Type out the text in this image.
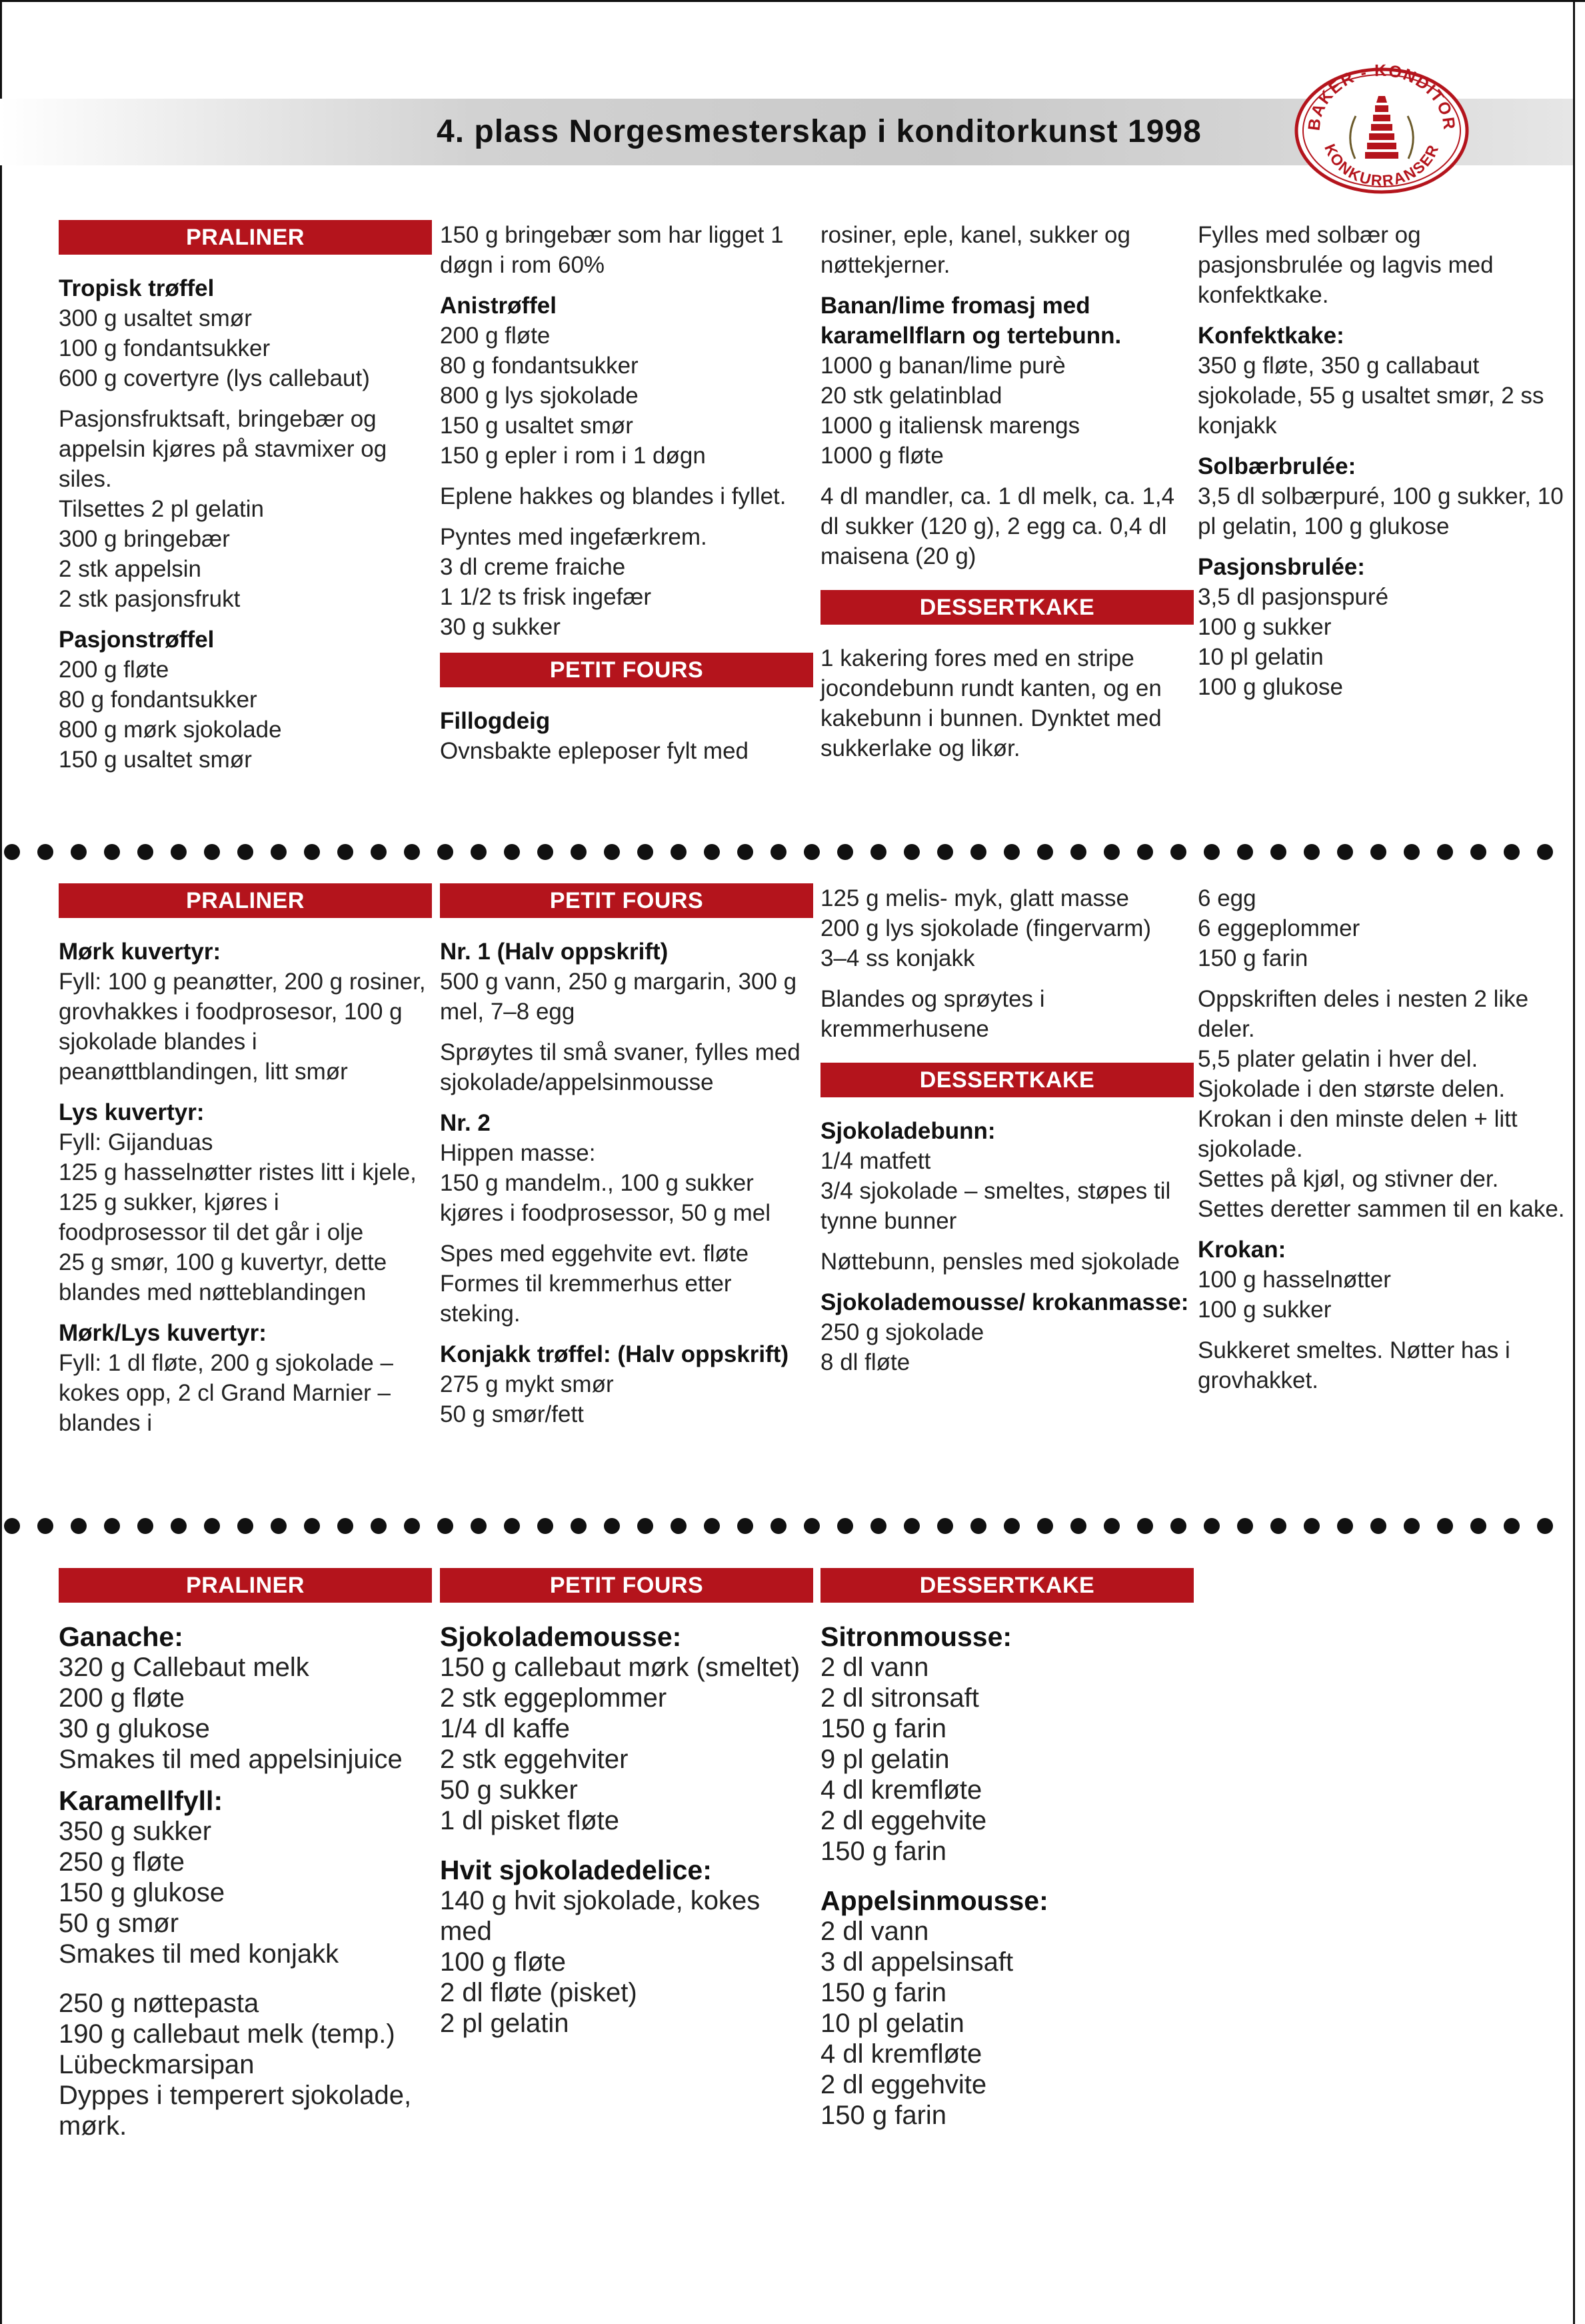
4. plass Norgesmesterskap i konditorkunst 1998	BAKER - KONDITOR
KONKURRANSER
PRALINER
Tropisk trøffel
300 g usaltet smør
100 g fondantsukker
600 g covertyre (lys callebaut)
Pasjonsfruktsaft, bringebær og appelsin kjøres på stavmixer og siles.
Tilsettes 2 pl gelatin
300 g bringebær
2 stk appelsin
2 stk pasjonsfrukt
Pasjonstrøffel
200 g fløte
80 g fondantsukker
800 g mørk sjokolade
150 g usaltet smør
150 g bringebær som har ligget 1 døgn i rom 60%
Anistrøffel
200 g fløte
80 g fondantsukker
800 g lys sjokolade
150 g usaltet smør
150 g epler i rom i 1 døgn
Eplene hakkes og blandes i fyllet.
Pyntes med ingefærkrem.
3 dl creme fraiche
1 1/2 ts frisk ingefær
30 g sukker
PETIT FOURS
Fillogdeig
Ovnsbakte epleposer fylt med
rosiner, eple, kanel, sukker og nøttekjerner.
Banan/lime fromasj med karamellflarn og tertebunn.
1000 g banan/lime purè
20 stk gelatinblad
1000 g italiensk marengs
1000 g fløte
4 dl mandler, ca. 1 dl melk, ca. 1,4 dl sukker (120 g), 2 egg ca. 0,4 dl maisena (20 g)
DESSERTKAKE
1 kakering fores med en stripe jocondebunn rundt kanten, og en kakebunn i bunnen. Dynktet med sukkerlake og likør.
Fylles med solbær og pasjonsbrulée og lagvis med konfektkake.
Konfektkake:
350 g fløte, 350 g callabaut sjokolade, 55 g usaltet smør, 2 ss konjakk
Solbærbrulée:
3,5 dl solbærpuré, 100 g sukker, 10 pl gelatin, 100 g glukose
Pasjonsbrulée:
3,5 dl pasjonspuré
100 g sukker
10 pl gelatin
100 g glukose
PRALINER
Mørk kuvertyr:
Fyll: 100 g peanøtter, 200 g rosiner, grovhakkes i foodprosesor, 100 g sjokolade blandes i peanøttblandingen, litt smør
Lys kuvertyr:
Fyll: Gijanduas
125 g hasselnøtter ristes litt i kjele, 125 g sukker, kjøres i foodprosessor til det går i olje
25 g smør, 100 g kuvertyr, dette blandes med nøtteblandingen
Mørk/Lys kuvertyr:
Fyll: 1 dl fløte, 200 g sjokolade – kokes opp, 2 cl Grand Marnier – blandes i
PETIT FOURS
Nr. 1 (Halv oppskrift)
500 g vann, 250 g margarin, 300 g mel, 7–8 egg
Sprøytes til små svaner, fylles med sjokolade/appelsinmousse
Nr. 2
Hippen masse:
150 g mandelm., 100 g sukker kjøres i foodprosessor, 50 g mel
Spes med eggehvite evt. fløte Formes til kremmerhus etter steking.
Konjakk trøffel: (Halv oppskrift)
275 g mykt smør
50 g smør/fett
125 g melis- myk, glatt masse
200 g lys sjokolade (fingervarm)
3–4 ss konjakk
Blandes og sprøytes i kremmerhusene
DESSERTKAKE
Sjokoladebunn:
1/4 matfett
3/4 sjokolade – smeltes, støpes til tynne bunner
Nøttebunn, pensles med sjokolade
Sjokolademousse/ krokanmasse:
250 g sjokolade
8 dl fløte
6 egg
6 eggeplommer
150 g farin
Oppskriften deles i nesten 2 like deler.
5,5 plater gelatin i hver del.
Sjokolade i den største delen.
Krokan i den minste delen + litt sjokolade.
Settes på kjøl, og stivner der.
Settes deretter sammen til en kake.
Krokan:
100 g hasselnøtter
100 g sukker
Sukkeret smeltes. Nøtter has i grovhakket.
PRALINER
Ganache:
320 g Callebaut melk
200 g fløte
30 g glukose
Smakes til med appelsinjuice
Karamellfyll:
350 g sukker
250 g fløte
150 g glukose
50 g smør
Smakes til med konjakk
250 g nøttepasta
190 g callebaut melk (temp.)
Lübeckmarsipan
Dyppes i temperert sjokolade, mørk.
PETIT FOURS
Sjokolademousse:
150 g callebaut mørk (smeltet)
2 stk eggeplommer
1/4 dl kaffe
2 stk eggehviter
50 g sukker
1 dl pisket fløte
Hvit sjokoladedelice:
140 g hvit sjokolade, kokes med
100 g fløte
2 dl fløte (pisket)
2 pl gelatin
DESSERTKAKE
Sitronmousse:
2 dl vann
2 dl sitronsaft
150 g farin
9 pl gelatin
4 dl kremfløte
2 dl eggehvite
150 g farin
Appelsinmousse:
2 dl vann
3 dl appelsinsaft
150 g farin
10 pl gelatin
4 dl kremfløte
2 dl eggehvite
150 g farin
